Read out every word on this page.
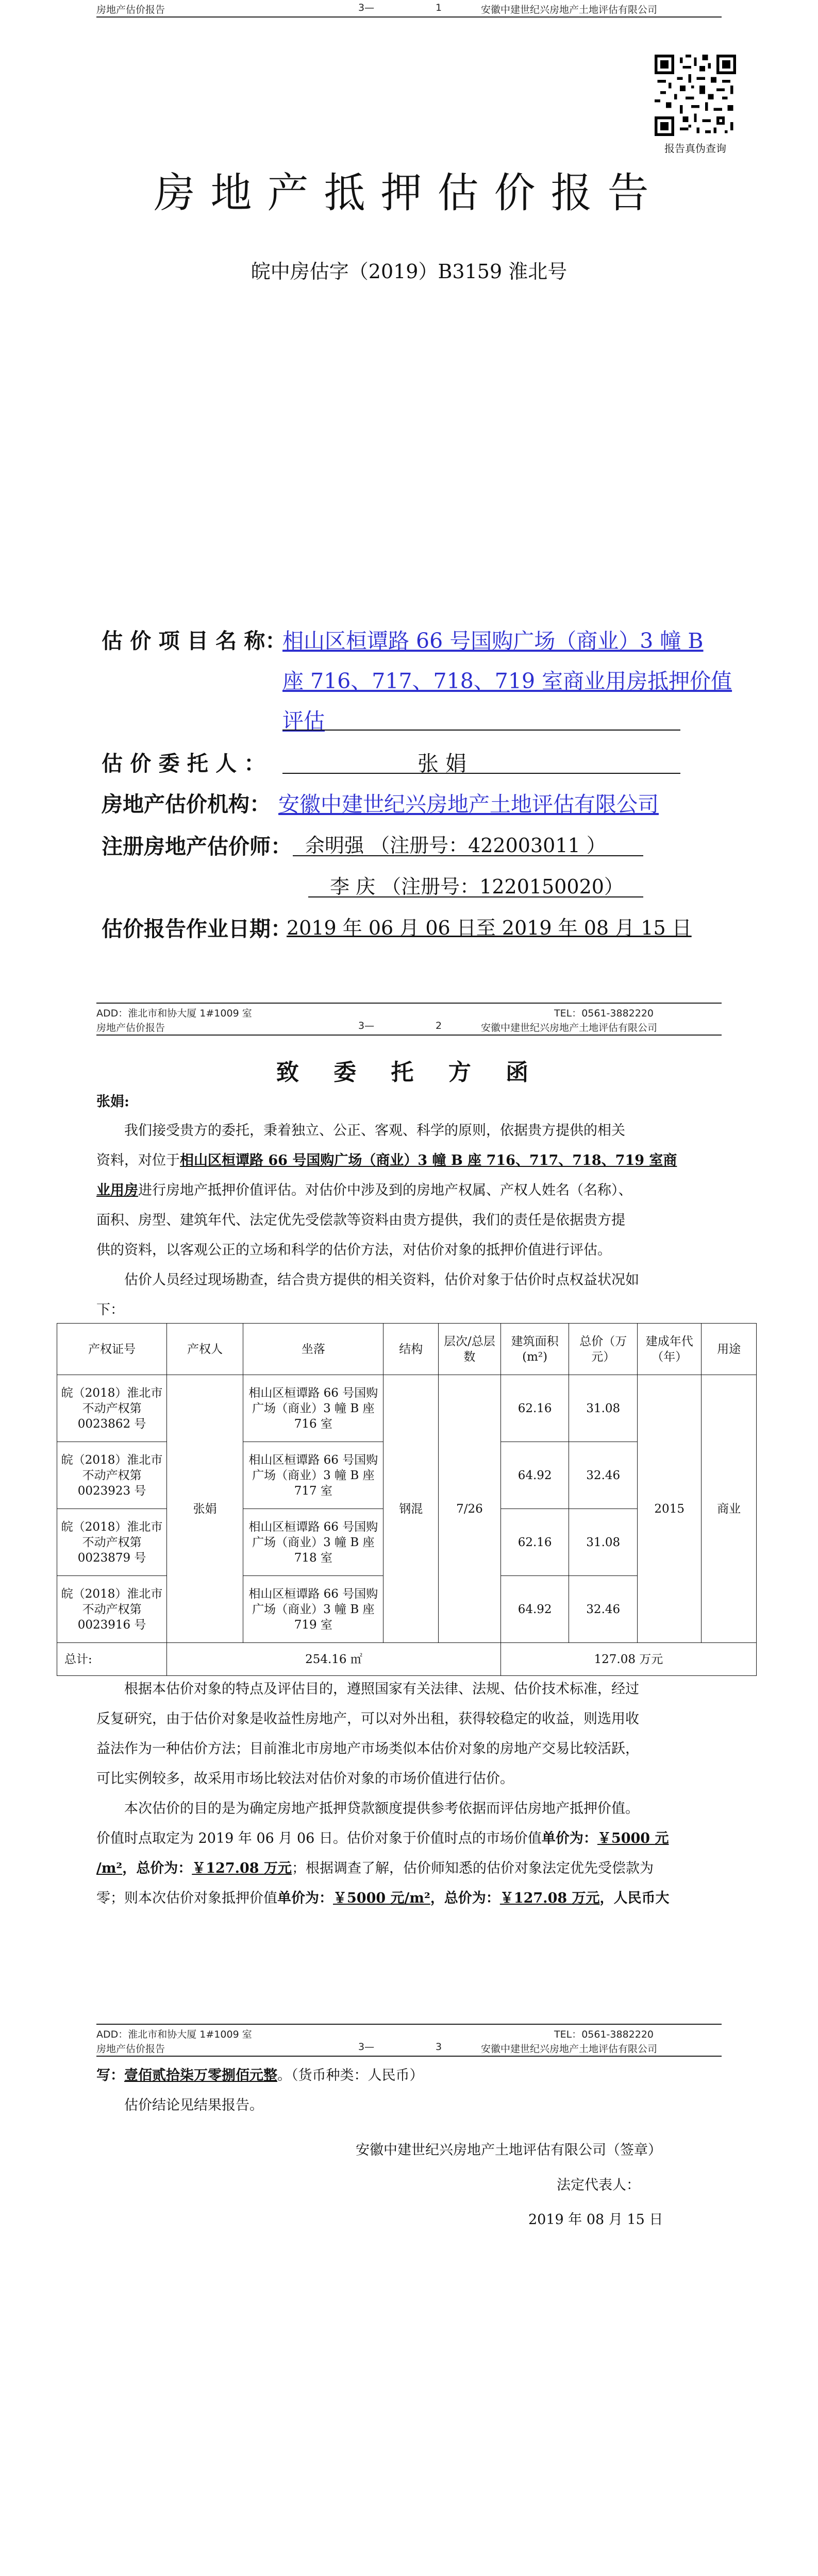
房地产估价报告	3—	1	安徽中建世纪兴房地产土地评估有限公司
报告真伪查询
房地产抵押估价报告
皖中房估字（2019）B3159 淮北号
估 价 项 目 名 称：
相山区桓谭路 66 号国购广场（商业）3 幢 B
座 716、717、718、719 室商业用房抵押价值
评估
估 价 委 托 人 ：	张 娟
房地产估价机构： 安徽中建世纪兴房地产土地评估有限公司
注册房地产估价师： 余明强 （注册号：422003011 ）
李 庆 （注册号：1220150020）
估价报告作业日期：
2019 年 06 月 06 日至 2019 年 08 月 15 日
ADD：淮北市和协大厦 1#1009 室	TEL：0561-3882220
房地产估价报告	3—	2	安徽中建世纪兴房地产土地评估有限公司
致 委 托 方 函
张娟:
我们接受贵方的委托，秉着独立、公正、客观、科学的原则，依据贵方提供的相关
资料，对位于相山区桓谭路 66 号国购广场（商业）3 幢 B 座 716、717、718、719 室商
业用房进行房地产抵押价值评估。对估价中涉及到的房地产权属、产权人姓名（名称）、
面积、房型、建筑年代、法定优先受偿款等资料由贵方提供，我们的责任是依据贵方提
供的资料，以客观公正的立场和科学的估价方法，对估价对象的抵押价值进行评估。
估价人员经过现场勘查，结合贵方提供的相关资料，估价对象于估价时点权益状况如
下：
产权证号	产权人	坐落	结构	层次/总层数	建筑面积(m²)	总价（万元）	建成年代（年）	用途
皖（2018）淮北市不动产权第0023862 号	张娟	相山区桓谭路 66 号国购广场（商业）3 幢 B 座 716 室	钢混	7/26	62.16	31.08	2015	商业
皖（2018）淮北市不动产权第0023923 号		相山区桓谭路 66 号国购广场（商业）3 幢 B 座 717 室			64.92	32.46		
皖（2018）淮北市不动产权第0023879 号		相山区桓谭路 66 号国购广场（商业）3 幢 B 座 718 室			62.16	31.08		
皖（2018）淮北市不动产权第0023916 号		相山区桓谭路 66 号国购广场（商业）3 幢 B 座 719 室			64.92	32.46		
总计:	254.16 ㎡				127.08 万元			
根据本估价对象的特点及评估目的，遵照国家有关法律、法规、估价技术标准，经过
反复研究，由于估价对象是收益性房地产，可以对外出租，获得较稳定的收益，则选用收
益法作为一种估价方法；目前淮北市房地产市场类似本估价对象的房地产交易比较活跃，
可比实例较多，故采用市场比较法对估价对象的市场价值进行估价。
本次估价的目的是为确定房地产抵押贷款额度提供参考依据而评估房地产抵押价值。
价值时点取定为 2019 年 06 月 06 日。估价对象于价值时点的市场价值单价为：￥5000 元
/m²，总价为：￥127.08 万元；根据调查了解，估价师知悉的估价对象法定优先受偿款为
零；则本次估价对象抵押价值单价为：￥5000 元/m²，总价为：￥127.08 万元，人民币大
ADD：淮北市和协大厦 1#1009 室	TEL：0561-3882220
房地产估价报告	3—	3	安徽中建世纪兴房地产土地评估有限公司
写：壹佰贰拾柒万零捌佰元整。（货币种类：人民币）
估价结论见结果报告。
安徽中建世纪兴房地产土地评估有限公司（签章）
法定代表人：
2019 年 08 月 15 日
